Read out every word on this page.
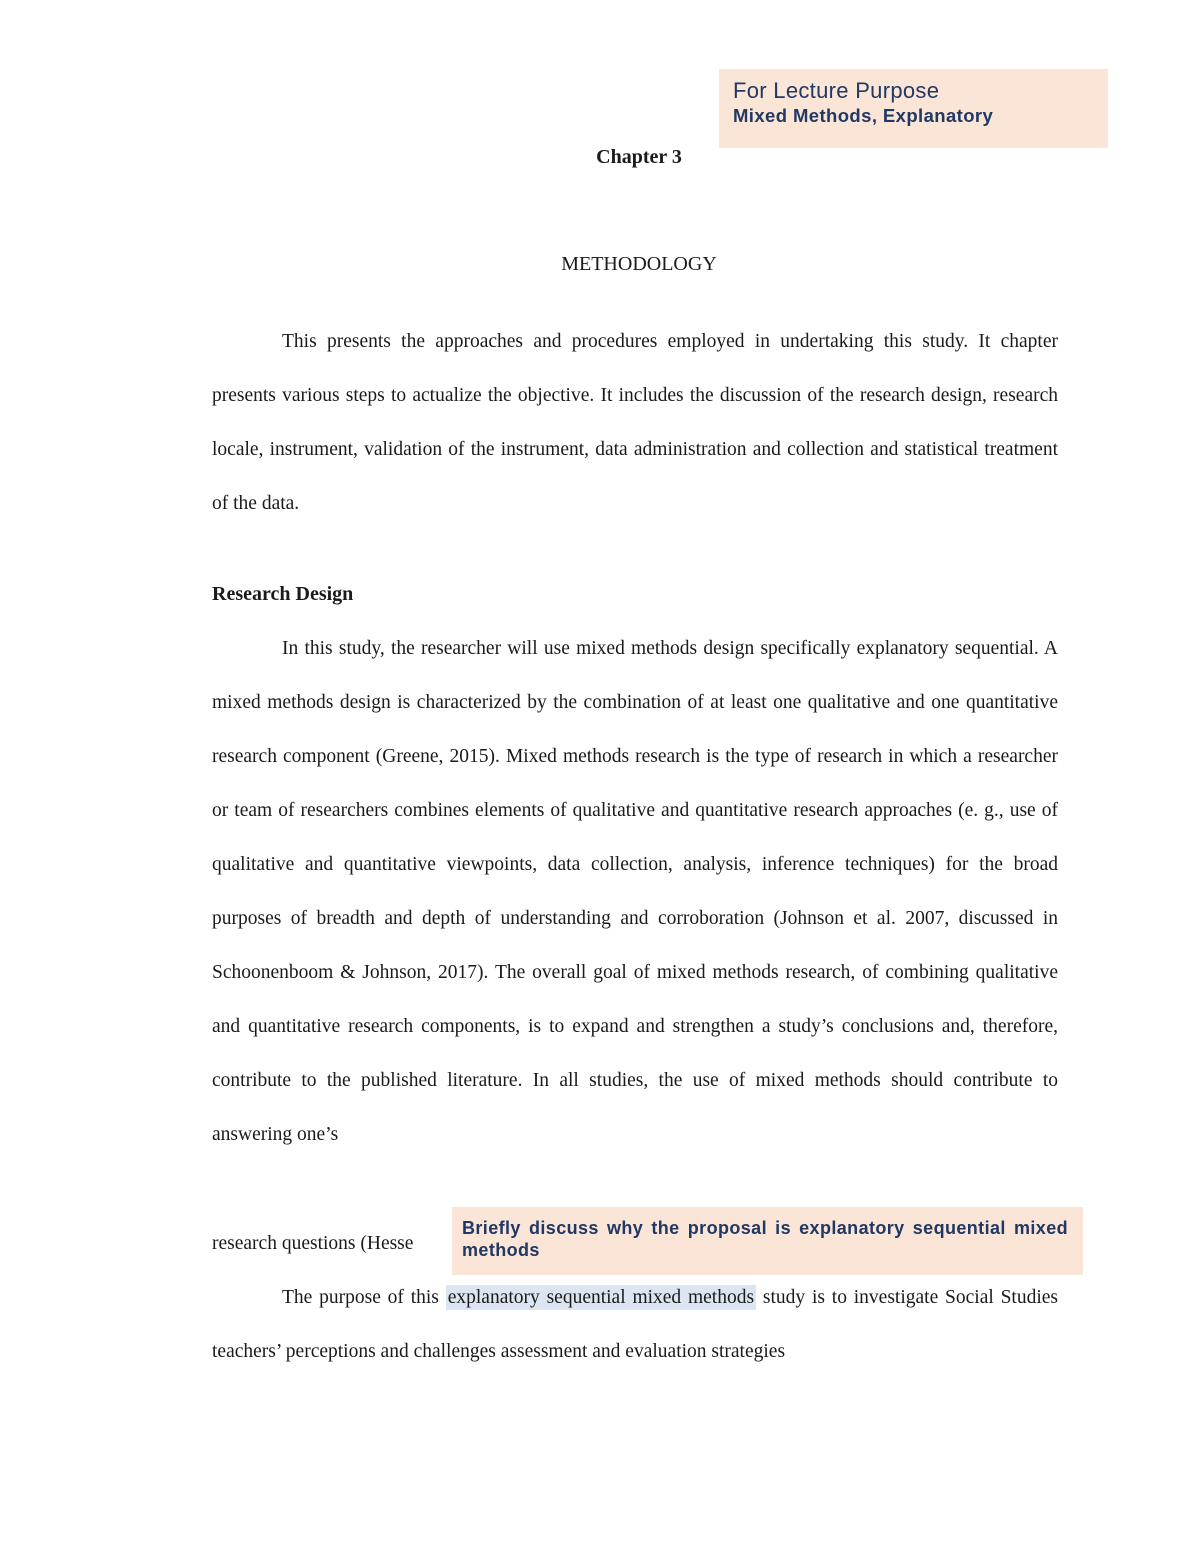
For Lecture Purpose
Mixed Methods, Explanatory
Chapter 3
METHODOLOGY

This presents the approaches and procedures employed in undertaking this study. It chapter presents various steps to actualize the objective. It includes the discussion of the research design, research locale, instrument, validation of the instrument, data administration and collection and statistical treatment of the data.

Research Design

In this study, the researcher will use mixed methods design specifically explanatory sequential. A mixed methods design is characterized by the combination of at least one qualitative and one quantitative research component (Greene, 2015). Mixed methods research is the type of research in which a researcher or team of researchers combines elements of qualitative and quantitative research approaches (e. g., use of qualitative and quantitative viewpoints, data collection, analysis, inference techniques) for the broad purposes of breadth and depth of understanding and corroboration (Johnson et al. 2007, discussed in Schoonenboom & Johnson, 2017). The overall goal of mixed methods research, of combining qualitative and quantitative research components, is to expand and strengthen a study’s conclusions and, therefore, contribute to the published literature. In all studies, the use of mixed methods should contribute to answering one’s

research questions (Hesse

The purpose of this explanatory sequential mixed methods study is to investigate Social Studies teachers’ perceptions and challenges assessment and evaluation strategies

Briefly discuss why the proposal is explanatory sequential mixed methods
